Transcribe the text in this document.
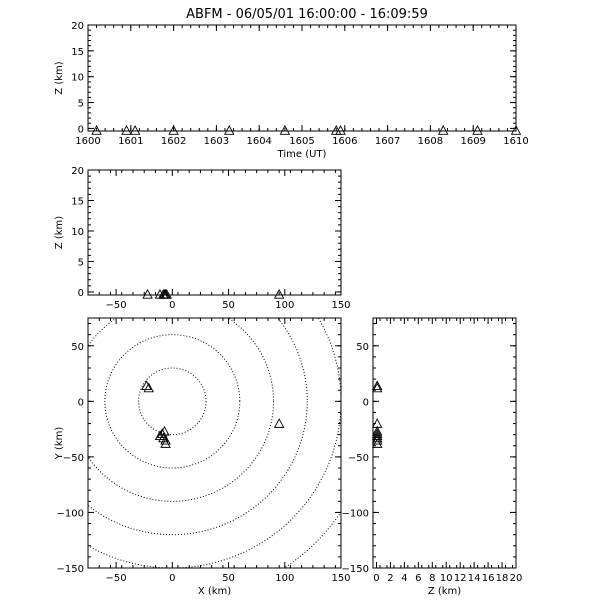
ABFM - 06/05/01 16:00:00 - 16:09:59
1600 1601 1602 1603 1604 1605 1606 1607 1608 1609 1610
0
5
10
15
20
Time (UT)
Z (km)
−50	0	50	100	150
0
5
10
15
20
Z (km)
−50	0	50	100	150
50
0
−50
−100
−150
X (km)
Y (km)
0 2 4 6 8 10 12 14 16 18 20
50
0
−50
−100
−150
Z (km)
